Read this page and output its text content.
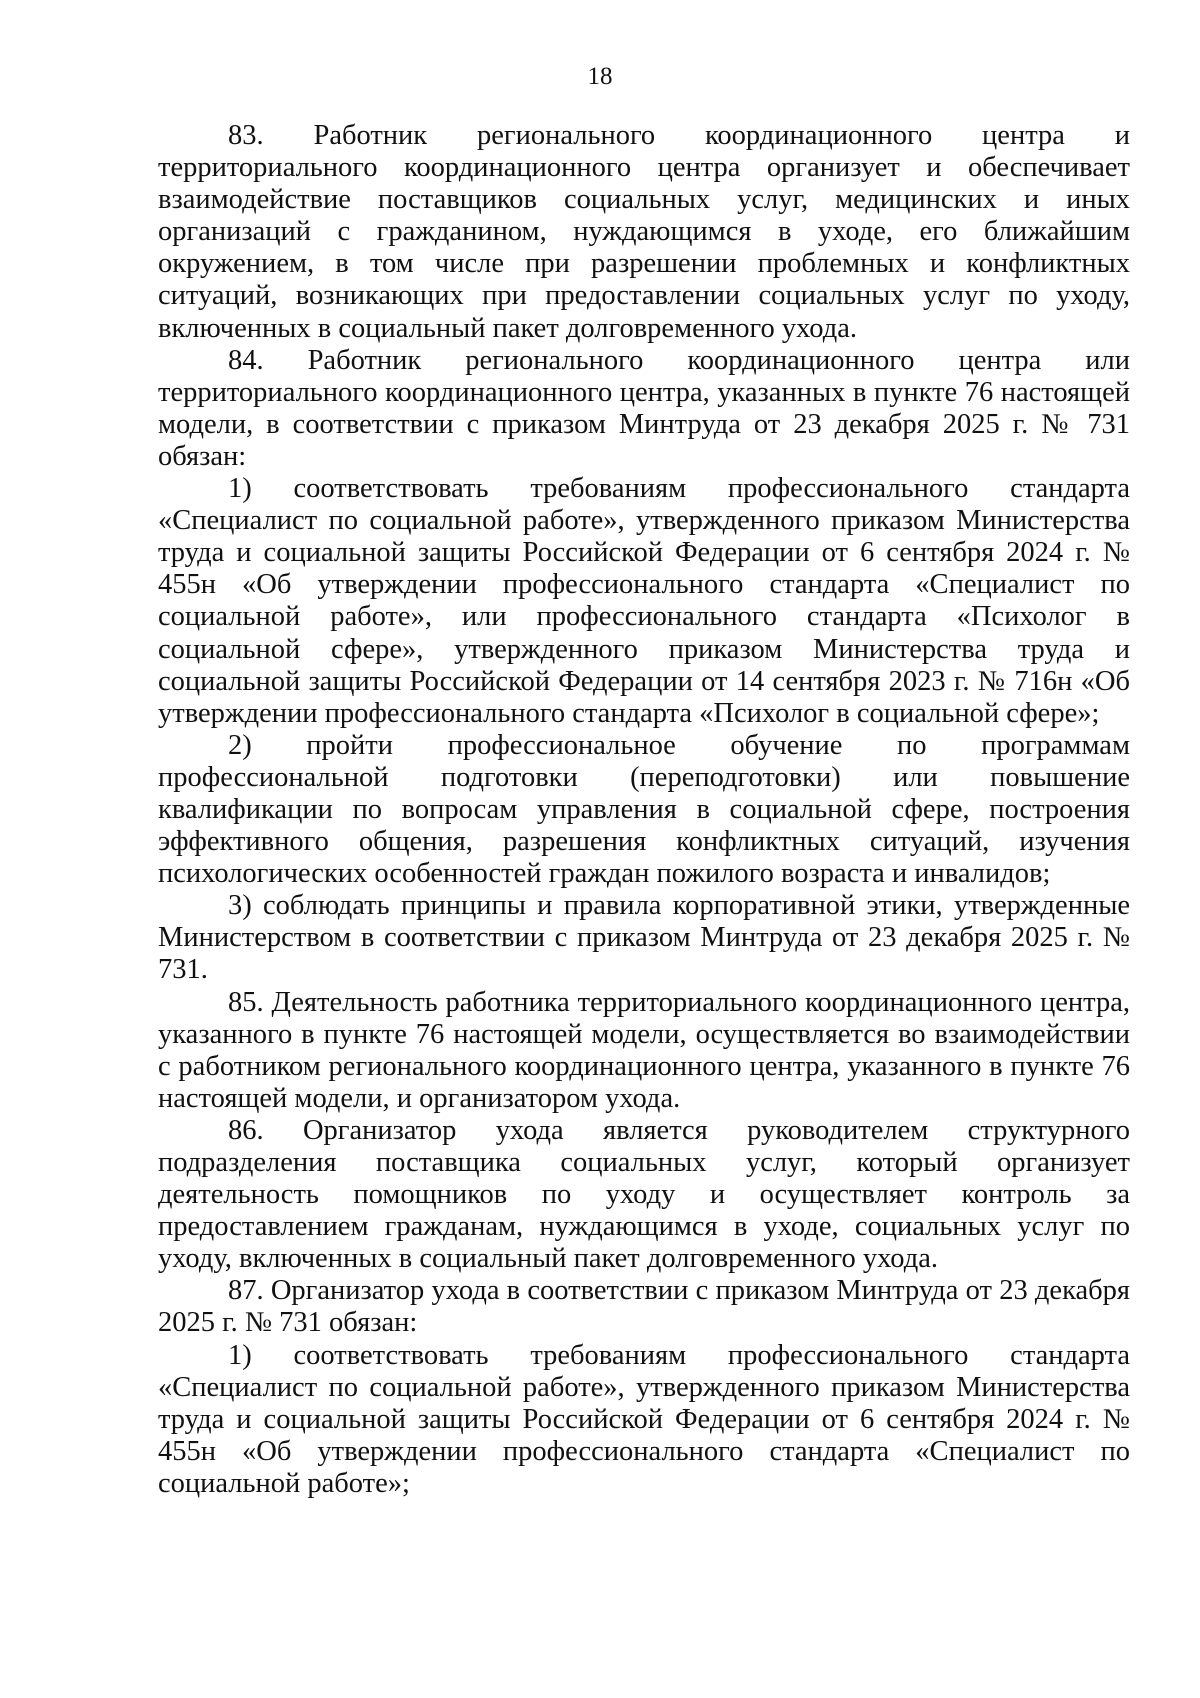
18

83. Работник регионального координационного центра и территориального координационного центра организует и обеспечивает взаимодействие поставщиков социальных услуг, медицинских и иных организаций с гражданином, нуждающимся в уходе, его ближайшим окружением, в том числе при разрешении проблемных и конфликтных ситуаций, возникающих при предоставлении социальных услуг по уходу, включенных в социальный пакет долговременного ухода.

84. Работник регионального координационного центра или территориального координационного центра, указанных в пункте 76 настоящей модели, в соответствии с приказом Минтруда от 23 декабря 2025 г. № 731 обязан:

1) соответствовать требованиям профессионального стандарта «Специалист по социальной работе», утвержденного приказом Министерства труда и социальной защиты Российской Федерации от 6 сентября 2024 г. № 455н «Об утверждении профессионального стандарта «Специалист по социальной работе», или профессионального стандарта «Психолог в социальной сфере», утвержденного приказом Министерства труда и социальной защиты Российской Федерации от 14 сентября 2023 г. № 716н «Об утверждении профессионального стандарта «Психолог в социальной сфере»;

2) пройти профессиональное обучение по программам профессиональной подготовки (переподготовки) или повышение квалификации по вопросам управления в социальной сфере, построения эффективного общения, разрешения конфликтных ситуаций, изучения психологических особенностей граждан пожилого возраста и инвалидов;

3) соблюдать принципы и правила корпоративной этики, утвержденные Министерством в соответствии с приказом Минтруда от 23 декабря 2025 г. № 731.

85. Деятельность работника территориального координационного центра, указанного в пункте 76 настоящей модели, осуществляется во взаимодействии с работником регионального координационного центра, указанного в пункте 76 настоящей модели, и организатором ухода.

86. Организатор ухода является руководителем структурного подразделения поставщика социальных услуг, который организует деятельность помощников по уходу и осуществляет контроль за предоставлением гражданам, нуждающимся в уходе, социальных услуг по уходу, включенных в социальный пакет долговременного ухода.

87. Организатор ухода в соответствии с приказом Минтруда от 23 декабря 2025 г. № 731 обязан:

1) соответствовать требованиям профессионального стандарта «Специалист по социальной работе», утвержденного приказом Министерства труда и социальной защиты Российской Федерации от 6 сентября 2024 г. № 455н «Об утверждении профессионального стандарта «Специалист по социальной работе»;
